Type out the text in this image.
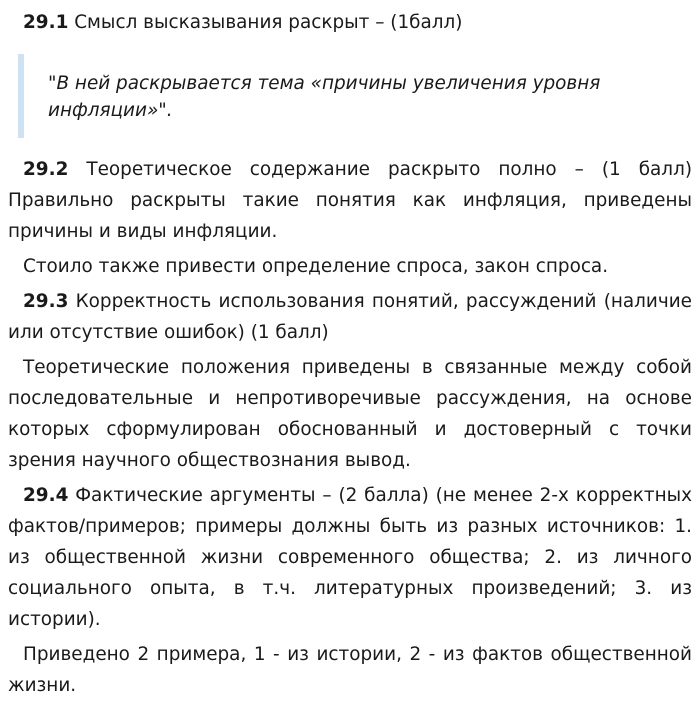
29.1 Смысл высказывания раскрыт – (1балл)

"В ней раскрывается тема «причины увеличения уровня инфляции»".

29.2 Теоретическое содержание раскрыто полно – (1 балл) Правильно раскрыты такие понятия как инфляция, приведены причины и виды инфляции.

Стоило также привести определение спроса, закон спроса.

29.3 Корректность использования понятий, рассуждений (наличие или отсутствие ошибок) (1 балл)

Теоретические положения приведены в связанные между собой последовательные и непротиворечивые рассуждения, на основе которых сформулирован обоснованный и достоверный с точки зрения научного обществознания вывод.

29.4 Фактические аргументы – (2 балла) (не менее 2-х корректных фактов/примеров; примеры должны быть из разных источников: 1. из общественной жизни современного общества; 2. из личного социального опыта, в т.ч. литературных произведений; 3. из истории).

Приведено 2 примера, 1 - из истории, 2 - из фактов общественной жизни.
